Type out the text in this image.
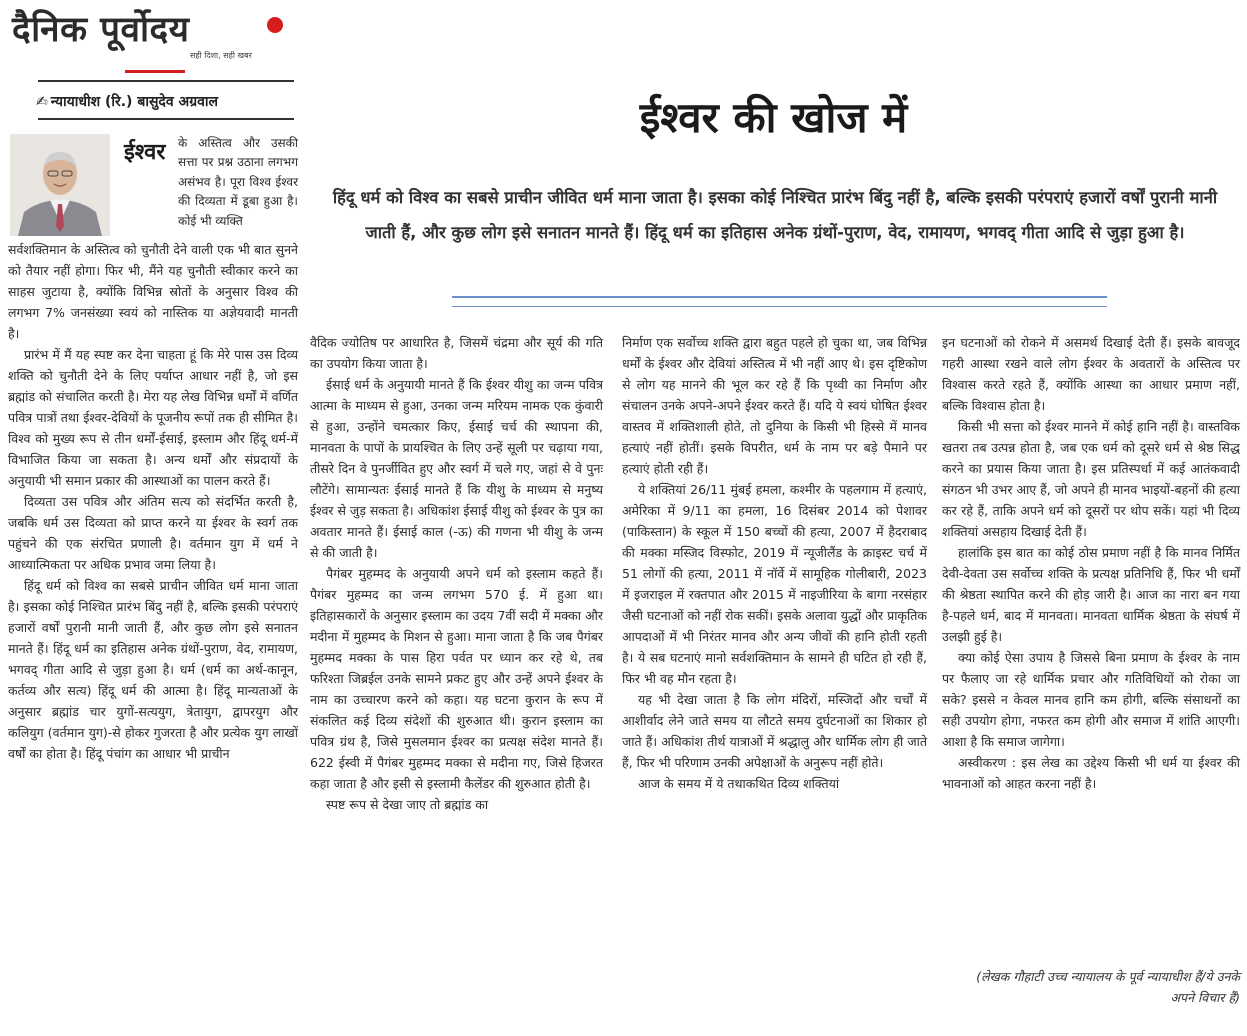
दैनिक पूर्वोदय
सही दिशा, सही खबर
✍ न्यायाधीश (रि.) बासुदेव अग्रवाल	ईश्वर की खोज में
हिंदू धर्म को विश्व का सबसे प्राचीन जीवित धर्म माना जाता है। इसका कोई निश्चित प्रारंभ बिंदु नहीं है, बल्कि इसकी परंपराएं हजारों वर्षों पुरानी मानी जाती हैं, और कुछ लोग इसे सनातन मानते हैं। हिंदू धर्म का इतिहास अनेक ग्रंथों-पुराण, वेद, रामायण, भगवद् गीता आदि से जुड़ा हुआ है।
ईश्वर के अस्तित्व और उसकी सत्ता पर प्रश्न उठाना लगभग असंभव है। पूरा विश्व ईश्वर की दिव्यता में डूबा हुआ है। कोई भी व्यक्ति

सर्वशक्तिमान के अस्तित्व को चुनौती देने वाली एक भी बात सुनने को तैयार नहीं होगा। फिर भी, मैंने यह चुनौती स्वीकार करने का साहस जुटाया है, क्योंकि विभिन्न स्रोतों के अनुसार विश्व की लगभग 7% जनसंख्या स्वयं को नास्तिक या अज्ञेयवादी मानती है।

प्रारंभ में मैं यह स्पष्ट कर देना चाहता हूं कि मेरे पास उस दिव्य शक्ति को चुनौती देने के लिए पर्याप्त आधार नहीं है, जो इस ब्रह्मांड को संचालित करती है। मेरा यह लेख विभिन्न धर्मों में वर्णित पवित्र पात्रों तथा ईश्वर-देवियों के पूजनीय रूपों तक ही सीमित है। विश्व को मुख्य रूप से तीन धर्मों-ईसाई, इस्लाम और हिंदू धर्म-में विभाजित किया जा सकता है। अन्य धर्मों और संप्रदायों के अनुयायी भी समान प्रकार की आस्थाओं का पालन करते हैं।

दिव्यता उस पवित्र और अंतिम सत्य को संदर्भित करती है, जबकि धर्म उस दिव्यता को प्राप्त करने या ईश्वर के स्वर्ग तक पहुंचने की एक संरचित प्रणाली है। वर्तमान युग में धर्म ने आध्यात्मिकता पर अधिक प्रभाव जमा लिया है।

हिंदू धर्म को विश्व का सबसे प्राचीन जीवित धर्म माना जाता है। इसका कोई निश्चित प्रारंभ बिंदु नहीं है, बल्कि इसकी परंपराएं हजारों वर्षों पुरानी मानी जाती हैं, और कुछ लोग इसे सनातन मानते हैं। हिंदू धर्म का इतिहास अनेक ग्रंथों-पुराण, वेद, रामायण, भगवद् गीता आदि से जुड़ा हुआ है। धर्म (धर्म का अर्थ-कानून, कर्तव्य और सत्य) हिंदू धर्म की आत्मा है। हिंदू मान्यताओं के अनुसार ब्रह्मांड चार युगों-सत्ययुग, त्रेतायुग, द्वापरयुग और कलियुग (वर्तमान युग)-से होकर गुजरता है और प्रत्येक युग लाखों वर्षों का होता है। हिंदू पंचांग का आधार भी प्राचीन

वैदिक ज्योतिष पर आधारित है, जिसमें चंद्रमा और सूर्य की गति का उपयोग किया जाता है।

ईसाई धर्म के अनुयायी मानते हैं कि ईश्वर यीशु का जन्म पवित्र आत्मा के माध्यम से हुआ, उनका जन्म मरियम नामक एक कुंवारी से हुआ, उन्होंने चमत्कार किए, ईसाई चर्च की स्थापना की, मानवता के पापों के प्रायश्चित के लिए उन्हें सूली पर चढ़ाया गया, तीसरे दिन वे पुनर्जीवित हुए और स्वर्ग में चले गए, जहां से वे पुनः लौटेंगे। सामान्यतः ईसाई मानते हैं कि यीशु के माध्यम से मनुष्य ईश्वर से जुड़ सकता है। अधिकांश ईसाई यीशु को ईश्वर के पुत्र का अवतार मानते हैं। ईसाई काल (-ऊ) की गणना भी यीशु के जन्म से की जाती है।

पैगंबर मुहम्मद के अनुयायी अपने धर्म को इस्लाम कहते हैं। पैगंबर मुहम्मद का जन्म लगभग 570 ई. में हुआ था। इतिहासकारों के अनुसार इस्लाम का उदय 7वीं सदी में मक्का और मदीना में मुहम्मद के मिशन से हुआ। माना जाता है कि जब पैगंबर मुहम्मद मक्का के पास हिरा पर्वत पर ध्यान कर रहे थे, तब फरिश्ता जिब्रईल उनके सामने प्रकट हुए और उन्हें अपने ईश्वर के नाम का उच्चारण करने को कहा। यह घटना कुरान के रूप में संकलित कई दिव्य संदेशों की शुरुआत थी। कुरान इस्लाम का पवित्र ग्रंथ है, जिसे मुसलमान ईश्वर का प्रत्यक्ष संदेश मानते हैं। 622 ईस्वी में पैगंबर मुहम्मद मक्का से मदीना गए, जिसे हिजरत कहा जाता है और इसी से इस्लामी कैलेंडर की शुरुआत होती है।

स्पष्ट रूप से देखा जाए तो ब्रह्मांड का

निर्माण एक सर्वोच्च शक्ति द्वारा बहुत पहले हो चुका था, जब विभिन्न धर्मों के ईश्वर और देवियां अस्तित्व में भी नहीं आए थे। इस दृष्टिकोण से लोग यह मानने की भूल कर रहे हैं कि पृथ्वी का निर्माण और संचालन उनके अपने-अपने ईश्वर करते हैं। यदि ये स्वयं घोषित ईश्वर वास्तव में शक्तिशाली होते, तो दुनिया के किसी भी हिस्से में मानव हत्याएं नहीं होतीं। इसके विपरीत, धर्म के नाम पर बड़े पैमाने पर हत्याएं होती रही हैं।

ये शक्तियां 26/11 मुंबई हमला, कश्मीर के पहलगाम में हत्याएं, अमेरिका में 9/11 का हमला, 16 दिसंबर 2014 को पेशावर (पाकिस्तान) के स्कूल में 150 बच्चों की हत्या, 2007 में हैदराबाद की मक्का मस्जिद विस्फोट, 2019 में न्यूजीलैंड के क्राइस्ट चर्च में 51 लोगों की हत्या, 2011 में नॉर्वे में सामूहिक गोलीबारी, 2023 में इजराइल में रक्तपात और 2015 में नाइजीरिया के बागा नरसंहार जैसी घटनाओं को नहीं रोक सकीं। इसके अलावा युद्धों और प्राकृतिक आपदाओं में भी निरंतर मानव और अन्य जीवों की हानि होती रहती है। ये सब घटनाएं मानो सर्वशक्तिमान के सामने ही घटित हो रही हैं, फिर भी वह मौन रहता है।

यह भी देखा जाता है कि लोग मंदिरों, मस्जिदों और चर्चों में आशीर्वाद लेने जाते समय या लौटते समय दुर्घटनाओं का शिकार हो जाते हैं। अधिकांश तीर्थ यात्राओं में श्रद्धालु और धार्मिक लोग ही जाते हैं, फिर भी परिणाम उनकी अपेक्षाओं के अनुरूप नहीं होते।

आज के समय में ये तथाकथित दिव्य शक्तियां

इन घटनाओं को रोकने में असमर्थ दिखाई देती हैं। इसके बावजूद गहरी आस्था रखने वाले लोग ईश्वर के अवतारों के अस्तित्व पर विश्वास करते रहते हैं, क्योंकि आस्था का आधार प्रमाण नहीं, बल्कि विश्वास होता है।

किसी भी सत्ता को ईश्वर मानने में कोई हानि नहीं है। वास्तविक खतरा तब उत्पन्न होता है, जब एक धर्म को दूसरे धर्म से श्रेष्ठ सिद्ध करने का प्रयास किया जाता है। इस प्रतिस्पर्धा में कई आतंकवादी संगठन भी उभर आए हैं, जो अपने ही मानव भाइयों-बहनों की हत्या कर रहे हैं, ताकि अपने धर्म को दूसरों पर थोप सकें। यहां भी दिव्य शक्तियां असहाय दिखाई देती हैं।

हालांकि इस बात का कोई ठोस प्रमाण नहीं है कि मानव निर्मित देवी-देवता उस सर्वोच्च शक्ति के प्रत्यक्ष प्रतिनिधि हैं, फिर भी धर्मों की श्रेष्ठता स्थापित करने की होड़ जारी है। आज का नारा बन गया है-पहले धर्म, बाद में मानवता। मानवता धार्मिक श्रेष्ठता के संघर्ष में उलझी हुई है।

क्या कोई ऐसा उपाय है जिससे बिना प्रमाण के ईश्वर के नाम पर फैलाए जा रहे धार्मिक प्रचार और गतिविधियों को रोका जा सके? इससे न केवल मानव हानि कम होगी, बल्कि संसाधनों का सही उपयोग होगा, नफरत कम होगी और समाज में शांति आएगी। आशा है कि समाज जागेगा।

अस्वीकरण : इस लेख का उद्देश्य किसी भी धर्म या ईश्वर की भावनाओं को आहत करना नहीं है।

(लेखक गौहाटी उच्च न्यायालय के पूर्व न्यायाधीश हैं/ये उनके अपने विचार हैं)
